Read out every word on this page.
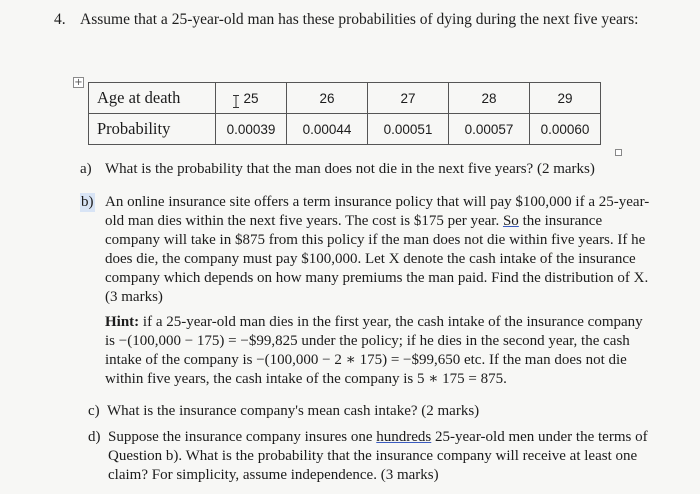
4. Assume that a 25-year-old man has these probabilities of dying during the next five years:
+
Age at death	25	26	27	28	29
Probability	0.00039	0.00044	0.00051	0.00057	0.00060
a) What is the probability that the man does not die in the next five years? (2 marks)
b) An online insurance site offers a term insurance policy that will pay $100,000 if a 25-year-old man dies within the next five years. The cost is $175 per year. So the insurance company will take in $875 from this policy if the man does not die within five years. If he does die, the company must pay $100,000. Let X denote the cash intake of the insurance company which depends on how many premiums the man paid. Find the distribution of X. (3 marks)
Hint: if a 25-year-old man dies in the first year, the cash intake of the insurance company is −(100,000 − 175) = −$99,825 under the policy; if he dies in the second year, the cash intake of the company is −(100,000 − 2 ∗ 175) = −$99,650 etc. If the man does not die within five years, the cash intake of the company is 5 ∗ 175 = 875.
c) What is the insurance company's mean cash intake? (2 marks)
d) Suppose the insurance company insures one hundreds 25-year-old men under the terms of Question b). What is the probability that the insurance company will receive at least one claim? For simplicity, assume independence. (3 marks)
